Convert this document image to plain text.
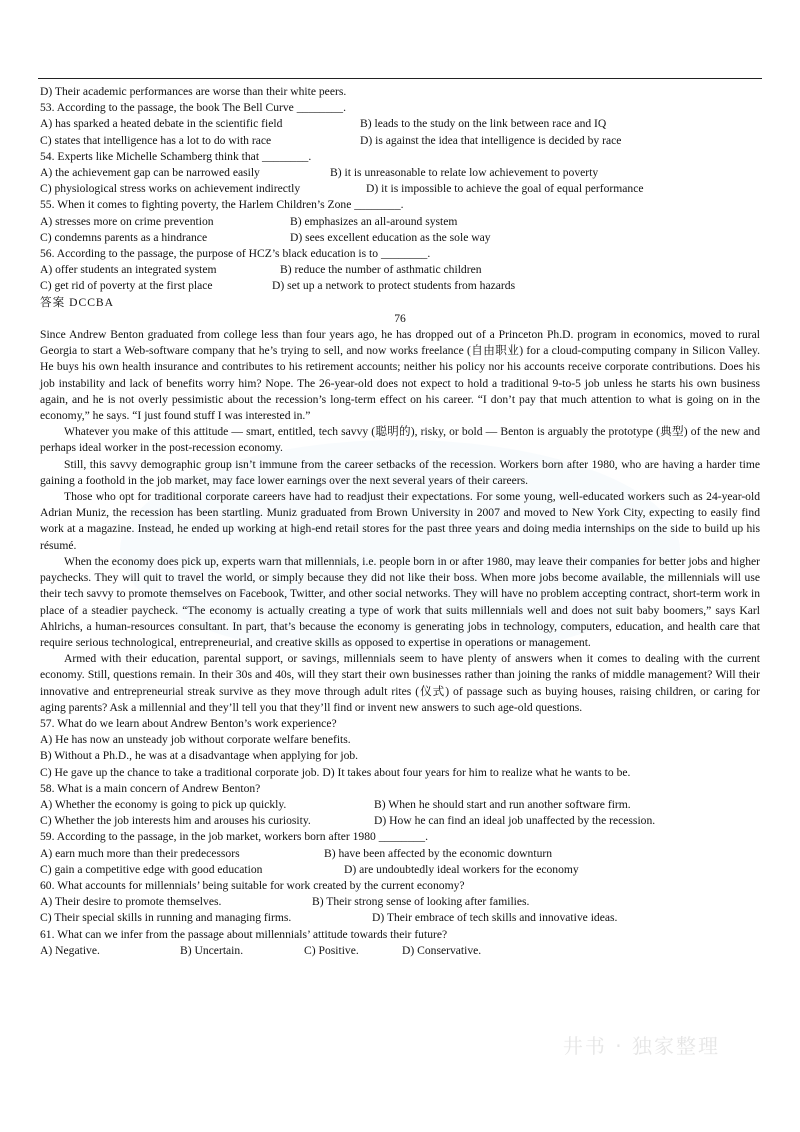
D) Their academic performances are worse than their white peers.
53. According to the passage, the book The Bell Curve ________.
A) has sparked a heated debate in the scientific field	B) leads to the study on the link between race and IQ
C) states that intelligence has a lot to do with race	D) is against the idea that intelligence is decided by race
54. Experts like Michelle Schamberg think that ________.
A) the achievement gap can be narrowed easily	B) it is unreasonable to relate low achievement to poverty
C) physiological stress works on achievement indirectly	D) it is impossible to achieve the goal of equal performance
55. When it comes to fighting poverty, the Harlem Children’s Zone ________.
A) stresses more on crime prevention	B) emphasizes an all-around system
C) condemns parents as a hindrance	D) sees excellent education as the sole way
56. According to the passage, the purpose of HCZ’s black education is to ________.
A) offer students an integrated system	B) reduce the number of asthmatic children
C) get rid of poverty at the first place	D) set up a network to protect students from hazards
答案 DCCBA
76
Since Andrew Benton graduated from college less than four years ago, he has dropped out of a Princeton Ph.D. program in economics, moved to rural Georgia to start a Web-software company that he’s trying to sell, and now works freelance (自由职业) for a cloud-computing company in Silicon Valley. He buys his own health insurance and contributes to his retirement accounts; neither his policy nor his accounts receive corporate contributions. Does his job instability and lack of benefits worry him? Nope. The 26-year-old does not expect to hold a traditional 9-to-5 job unless he starts his own business again, and he is not overly pessimistic about the recession’s long-term effect on his career. “I don’t pay that much attention to what is going on in the economy,” he says. “I just found stuff I was interested in.”
Whatever you make of this attitude — smart, entitled, tech savvy (聪明的), risky, or bold — Benton is arguably the prototype (典型) of the new and perhaps ideal worker in the post-recession economy.
Still, this savvy demographic group isn’t immune from the career setbacks of the recession. Workers born after 1980, who are having a harder time gaining a foothold in the job market, may face lower earnings over the next several years of their careers.
Those who opt for traditional corporate careers have had to readjust their expectations. For some young, well-educated workers such as 24-year-old Adrian Muniz, the recession has been startling. Muniz graduated from Brown University in 2007 and moved to New York City, expecting to easily find work at a magazine. Instead, he ended up working at high-end retail stores for the past three years and doing media internships on the side to build up his résumé.
When the economy does pick up, experts warn that millennials, i.e. people born in or after 1980, may leave their companies for better jobs and higher paychecks. They will quit to travel the world, or simply because they did not like their boss. When more jobs become available, the millennials will use their tech savvy to promote themselves on Facebook, Twitter, and other social networks. They will have no problem accepting contract, short-term work in place of a steadier paycheck. “The economy is actually creating a type of work that suits millennials well and does not suit baby boomers,” says Karl Ahlrichs, a human-resources consultant. In part, that’s because the economy is generating jobs in technology, computers, education, and health care that require serious technological, entrepreneurial, and creative skills as opposed to expertise in operations or management.
Armed with their education, parental support, or savings, millennials seem to have plenty of answers when it comes to dealing with the current economy. Still, questions remain. In their 30s and 40s, will they start their own businesses rather than joining the ranks of middle management? Will their innovative and entrepreneurial streak survive as they move through adult rites (仪式) of passage such as buying houses, raising children, or caring for aging parents? Ask a millennial and they’ll tell you that they’ll find or invent new answers to such age-old questions.
57. What do we learn about Andrew Benton’s work experience?
A) He has now an unsteady job without corporate welfare benefits.
B) Without a Ph.D., he was at a disadvantage when applying for job.
C) He gave up the chance to take a traditional corporate job. D) It takes about four years for him to realize what he wants to be.
58. What is a main concern of Andrew Benton?
A) Whether the economy is going to pick up quickly.	B) When he should start and run another software firm.
C) Whether the job interests him and arouses his curiosity.	D) How he can find an ideal job unaffected by the recession.
59. According to the passage, in the job market, workers born after 1980 ________.
A) earn much more than their predecessors	B) have been affected by the economic downturn
C) gain a competitive edge with good education	D) are undoubtedly ideal workers for the economy
60. What accounts for millennials’ being suitable for work created by the current economy?
A) Their desire to promote themselves.	B) Their strong sense of looking after families.
C) Their special skills in running and managing firms.	D) Their embrace of tech skills and innovative ideas.
61. What can we infer from the passage about millennials’ attitude towards their future?
A) Negative.	B) Uncertain.	C) Positive.	D) Conservative.
井书 · 独家整理
